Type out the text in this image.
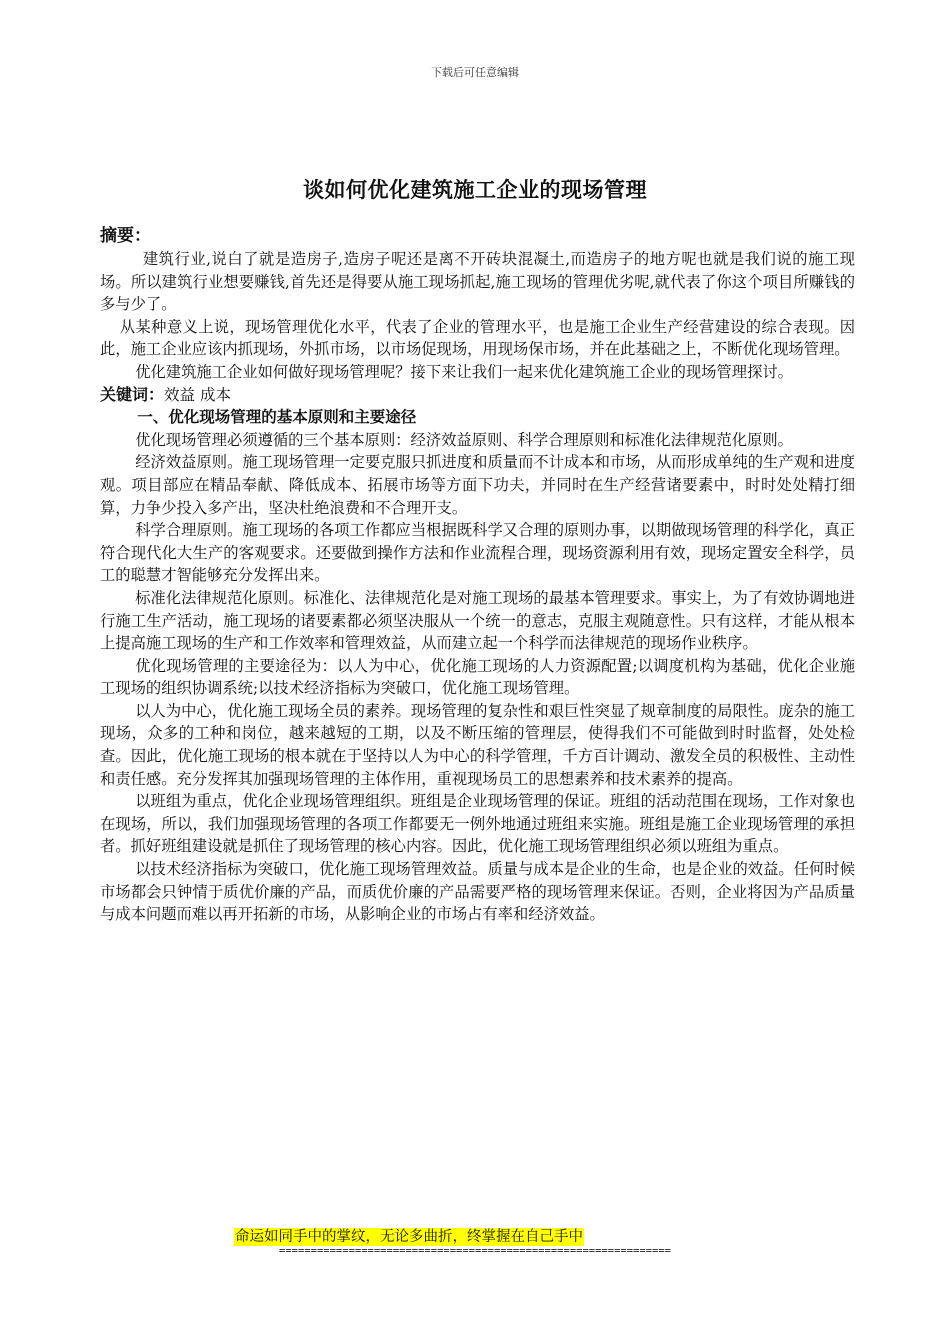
下载后可任意编辑
谈如何优化建筑施工企业的现场管理

摘要：

建筑行业,说白了就是造房子,造房子呢还是离不开砖块混凝土,而造房子的地方呢也就是我们说的施工现场。所以建筑行业想要赚钱,首先还是得要从施工现场抓起,施工现场的管理优劣呢,就代表了你这个项目所赚钱的多与少了。

从某种意义上说，现场管理优化水平，代表了企业的管理水平，也是施工企业生产经营建设的综合表现。因此，施工企业应该内抓现场，外抓市场，以市场促现场，用现场保市场，并在此基础之上，不断优化现场管理。

优化建筑施工企业如何做好现场管理呢？接下来让我们一起来优化建筑施工企业的现场管理探讨。

关键词：效益 成本

一、优化现场管理的基本原则和主要途径

优化现场管理必须遵循的三个基本原则：经济效益原则、科学合理原则和标准化法律规范化原则。

经济效益原则。施工现场管理一定要克服只抓进度和质量而不计成本和市场，从而形成单纯的生产观和进度观。项目部应在精品奉献、降低成本、拓展市场等方面下功夫，并同时在生产经营诸要素中，时时处处精打细算，力争少投入多产出，坚决杜绝浪费和不合理开支。

科学合理原则。施工现场的各项工作都应当根据既科学又合理的原则办事，以期做现场管理的科学化，真正符合现代化大生产的客观要求。还要做到操作方法和作业流程合理，现场资源利用有效，现场定置安全科学，员工的聪慧才智能够充分发挥出来。

标准化法律规范化原则。标准化、法律规范化是对施工现场的最基本管理要求。事实上，为了有效协调地进行施工生产活动，施工现场的诸要素都必须坚决服从一个统一的意志，克服主观随意性。只有这样，才能从根本上提高施工现场的生产和工作效率和管理效益，从而建立起一个科学而法律规范的现场作业秩序。

优化现场管理的主要途径为：以人为中心，优化施工现场的人力资源配置;以调度机构为基础，优化企业施工现场的组织协调系统;以技术经济指标为突破口，优化施工现场管理。

以人为中心，优化施工现场全员的素养。现场管理的复杂性和艰巨性突显了规章制度的局限性。庞杂的施工现场，众多的工种和岗位，越来越短的工期，以及不断压缩的管理层，使得我们不可能做到时时监督，处处检查。因此，优化施工现场的根本就在于坚持以人为中心的科学管理，千方百计调动、激发全员的积极性、主动性和责任感。充分发挥其加强现场管理的主体作用，重视现场员工的思想素养和技术素养的提高。

以班组为重点，优化企业现场管理组织。班组是企业现场管理的保证。班组的活动范围在现场，工作对象也在现场，所以，我们加强现场管理的各项工作都要无一例外地通过班组来实施。班组是施工企业现场管理的承担者。抓好班组建设就是抓住了现场管理的核心内容。因此，优化施工现场管理组织必须以班组为重点。

以技术经济指标为突破口，优化施工现场管理效益。质量与成本是企业的生命，也是企业的效益。任何时候市场都会只钟情于质优价廉的产品，而质优价廉的产品需要严格的现场管理来保证。否则，企业将因为产品质量与成本问题而难以再开拓新的市场，从影响企业的市场占有率和经济效益。

命运如同手中的掌纹，无论多曲折，终掌握在自己手中
==============================================================
